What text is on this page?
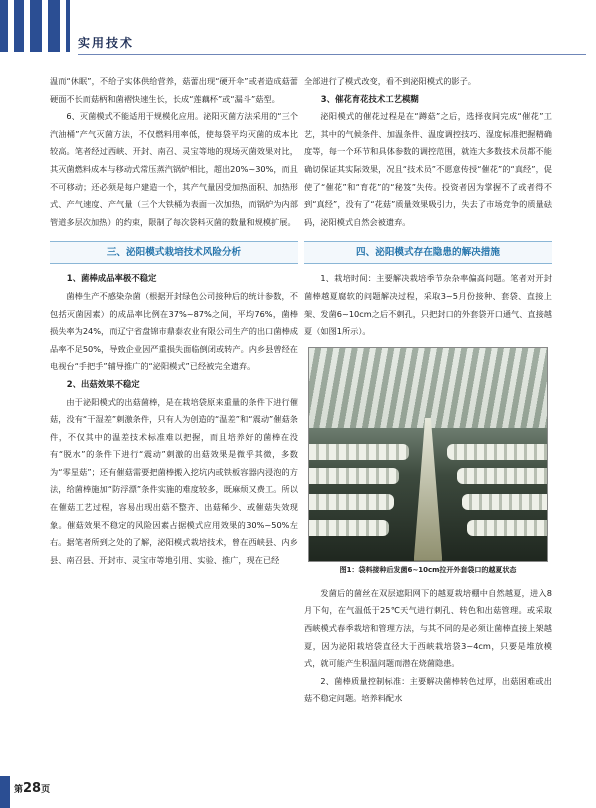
实用技术

温而“休眠”，不给子实体供给营养，菇蕾出现“硬开伞”或者造成菇蕾硬面不长而菇柄和菌褶快速生长，长成“莲藕杯”或“漏斗”菇型。

6、灭菌模式不能适用于规模化应用。泌阳灭菌方法采用的“三个汽油桶”产气灭菌方法，不仅燃料用率低，使每袋平均灭菌的成本比较高。笔者经过西峡、开封、南召、灵宝等地的现场灭菌效果对比，其灭菌燃料成本与移动式常压蒸汽锅炉相比，超出20%~30%，而且不可移动；还必须是每户建造一个，其产气量因受加热面积、加热形式、产气速度、产气量（三个大铁桶为表面一次加热，而锅炉为内部管道多层次加热）的约束，限制了每次袋料灭菌的数量和规模扩展。

三、泌阳模式栽培技术风险分析
1、菌棒成品率极不稳定

菌棒生产不感染杂菌（根据开封绿色公司接种后的统计参数，不包括灭菌因素）的成品率比例在37%~87%之间，平均76%，菌棒损失率为24%，而辽宁省盘锦市鼎泰农业有限公司生产的出口菌棒成品率不足50%，导致企业因严重损失面临倒闭或转产。内乡县曾经在电视台“手把手”辅导推广的“泌阳模式”已经被完全遗弃。

2、出菇效果不稳定

由于泌阳模式的出菇菌棒，是在栽培袋原来重量的条件下进行催菇，没有“干湿差”刺激条件，只有人为创造的“温差”和“震动”催菇条件，不仅其中的温差技术标准难以把握，而且培养好的菌棒在没有“脱水”的条件下进行“震动”刺激的出菇效果是微乎其微，多数为“零星菇”；还有催菇需要把菌棒搬入挖坑内或铁板容器内浸泡的方法，给菌棒施加“防浮漂”条件实施的难度较多，既麻烦又费工。所以在催菇工艺过程，容易出现出菇不整齐、出菇稀少、或催菇失效现象。催菇效果不稳定的风险因素占据模式应用效果的30%~50%左右。据笔者所到之处的了解，泌阳模式栽培技术，曾在西峡县、内乡县、南召县、开封市、灵宝市等地引用、实验、推广，现在已经

全部进行了模式改变，看不到泌阳模式的影子。

3、催花育花技术工艺模糊

泌阳模式的催花过程是在“蹲菇”之后，选择夜间完成“催花”工艺，其中的气候条件、加温条件、温度调控技巧、湿度标准把握精确度等，每一个环节和具体参数的调控范围，就连大多数技术员都不能确切保证其实际效果，况且“技术员”不愿意传授“催花”的“真经”，促使了“催花”和“育花”的“秘笈”失传。投资者因为掌握不了或者得不到“真经”，没有了“花菇”质量效果吸引力，失去了市场竞争的质量砝码，泌阳模式自然会被遗弃。

四、泌阳模式存在隐患的解决措施

1、栽培时间：主要解决栽培季节杂杂率偏高问题。笔者对开封菌棒越夏腐软的问题解决过程，采取3~5月份接种、套袋、直接上架、发菌6~10cm之后不刺孔，只把封口的外套袋开口通气、直接越夏（如图1所示）。

图1：袋料接种后发菌6~10cm拉开外套袋口的越夏状态

发菌后的菌丝在双层遮阳网下的越夏栽培棚中自然越夏，进入8月下旬，在气温低于25℃天气进行刺孔、转色和出菇管理。或采取西峡模式春季栽培和管理方法，与其不同的是必须让菌棒直接上架越夏，因为泌阳栽培袋直径大于西峡栽培袋3~4cm，只要是堆放模式，就可能产生积温问题而潜在烧菌隐患。

2、菌棒质量控制标准：主要解决菌棒转色过厚，出菇困难或出菇不稳定问题。培养料配水

第28页
